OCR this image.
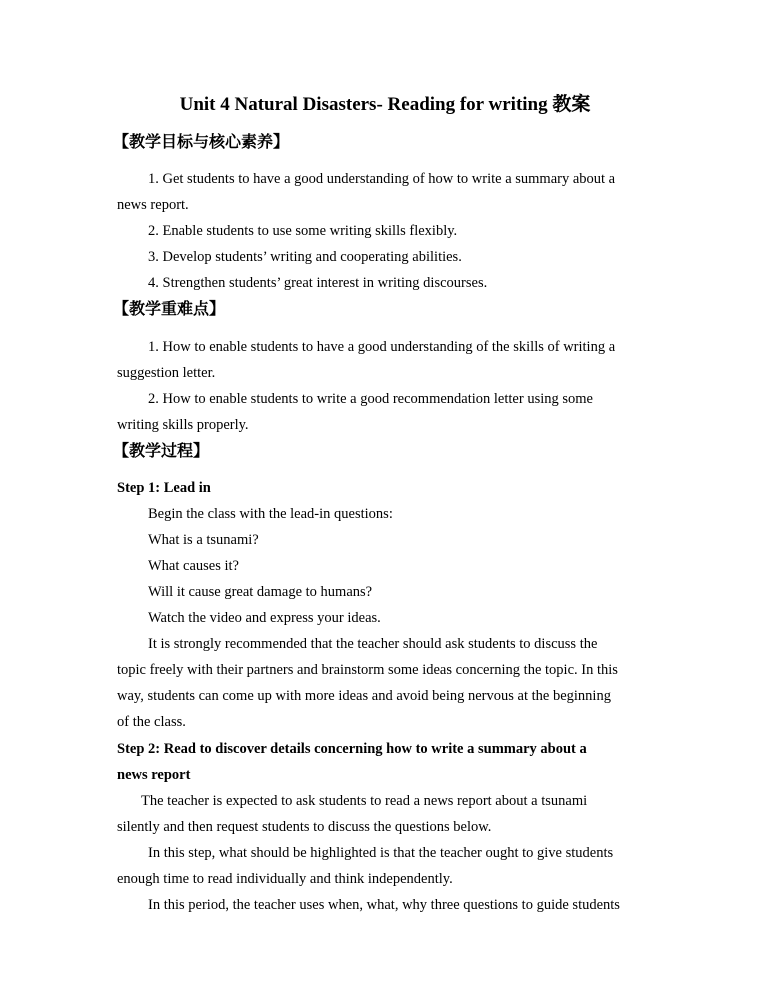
Unit 4 Natural Disasters- Reading for writing 教案
【教学目标与核心素养】
1. Get students to have a good understanding of how to write a summary about a
news report.
2. Enable students to use some writing skills flexibly.
3. Develop students’ writing and cooperating abilities.
4. Strengthen students’ great interest in writing discourses.
【教学重难点】
1. How to enable students to have a good understanding of the skills of writing a
suggestion letter.
2. How to enable students to write a good recommendation letter using some
writing skills properly.
【教学过程】
Step 1: Lead in
Begin the class with the lead-in questions:
What is a tsunami?
What causes it?
Will it cause great damage to humans?
Watch the video and express your ideas.
It is strongly recommended that the teacher should ask students to discuss the
topic freely with their partners and brainstorm some ideas concerning the topic. In this
way, students can come up with more ideas and avoid being nervous at the beginning
of the class.
Step 2: Read to discover details concerning how to write a summary about a
news report
The teacher is expected to ask students to read a news report about a tsunami
silently and then request students to discuss the questions below.
In this step, what should be highlighted is that the teacher ought to give students
enough time to read individually and think independently.
In this period, the teacher uses when, what, why three questions to guide students
